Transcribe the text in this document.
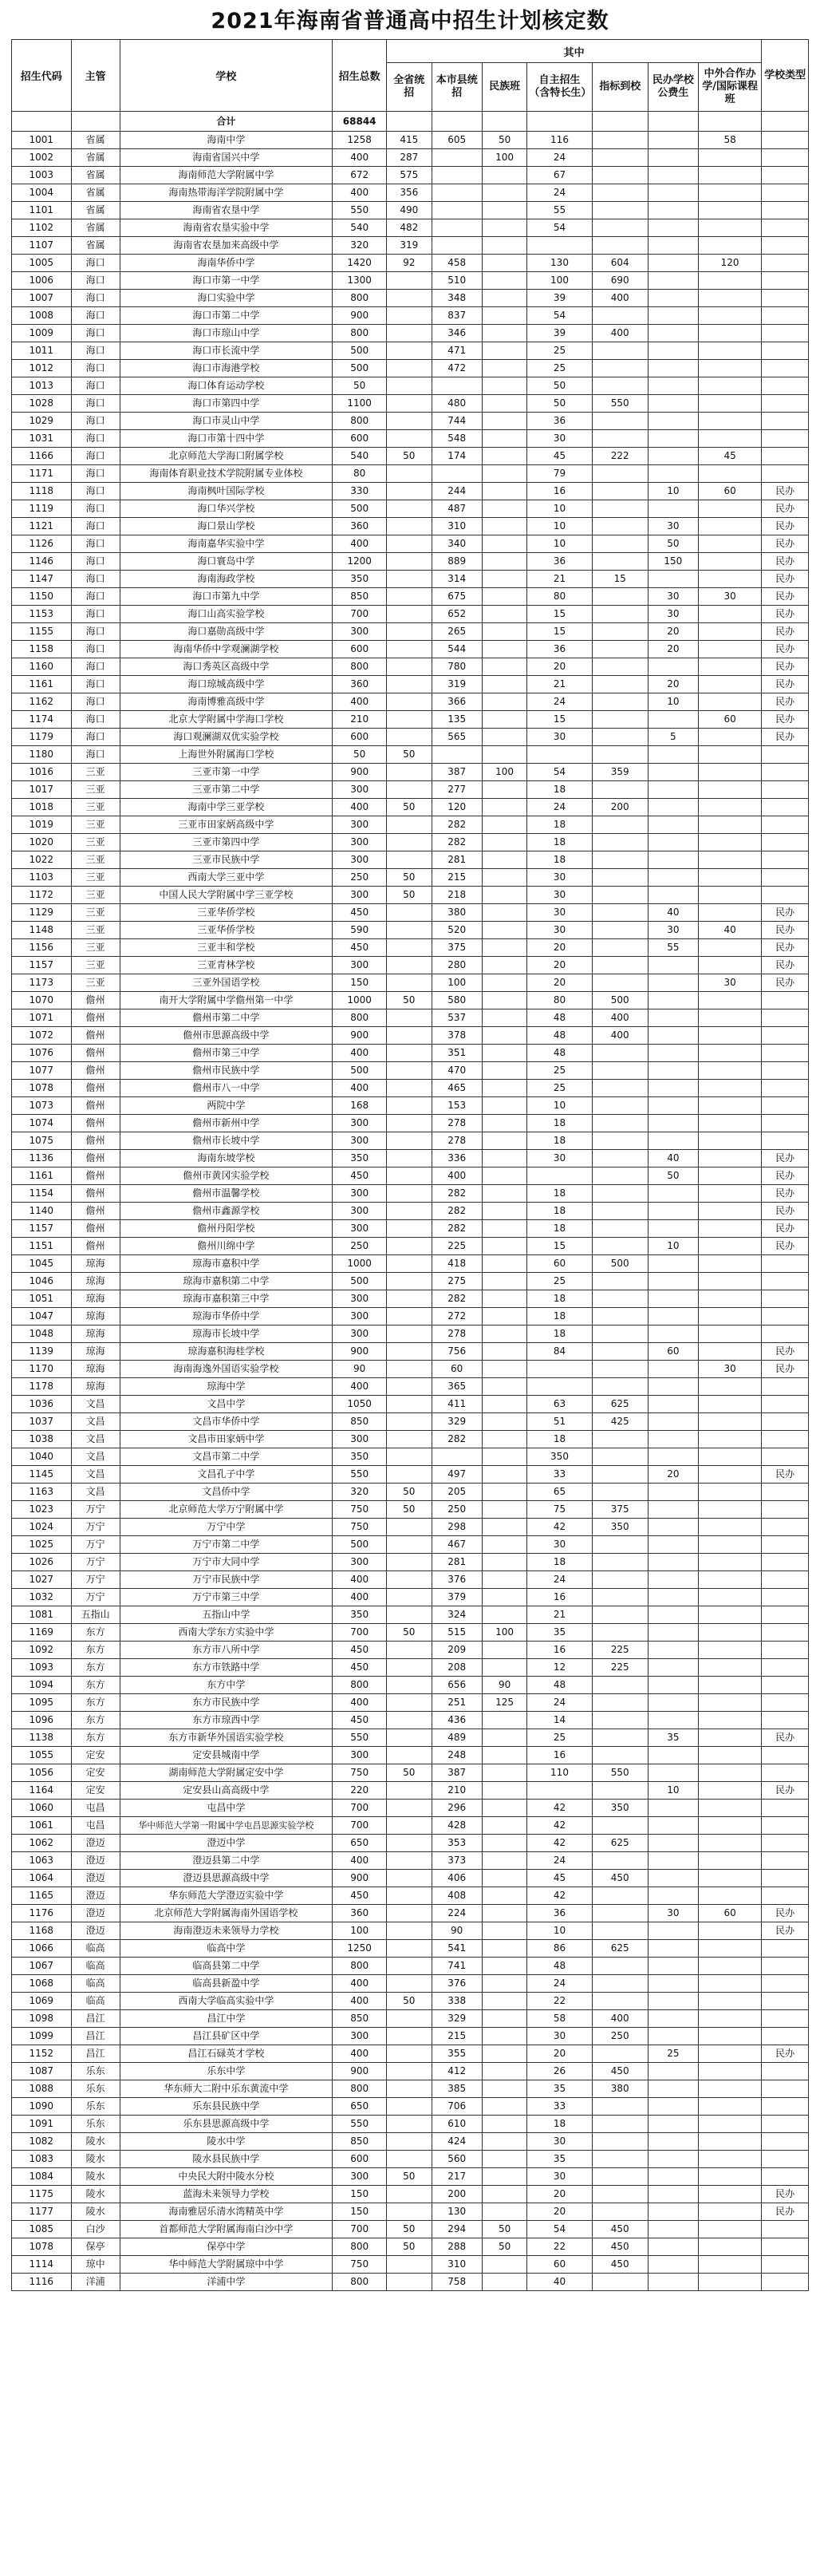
2021年海南省普通高中招生计划核定数
招生代码	主管	学校	招生总数	其中							学校类型
				全省统招	本市县统招	民族班	自主招生（含特长生）	指标到校	民办学校公费生	中外合作办学/国际课程班	
		合计	68844								
1001	省属	海南中学	1258	415	605	50	116			58	
1002	省属	海南省国兴中学	400	287		100	24				
1003	省属	海南师范大学附属中学	672	575			67				
1004	省属	海南热带海洋学院附属中学	400	356			24				
1101	省属	海南省农垦中学	550	490			55				
1102	省属	海南省农垦实验中学	540	482			54				
1107	省属	海南省农垦加来高级中学	320	319							
1005	海口	海南华侨中学	1420	92	458		130	604		120	
1006	海口	海口市第一中学	1300		510		100	690			
1007	海口	海口实验中学	800		348		39	400			
1008	海口	海口市第二中学	900		837		54				
1009	海口	海口市琼山中学	800		346		39	400			
1011	海口	海口市长流中学	500		471		25				
1012	海口	海口市海港学校	500		472		25				
1013	海口	海口体育运动学校	50				50				
1028	海口	海口市第四中学	1100		480		50	550			
1029	海口	海口市灵山中学	800		744		36				
1031	海口	海口市第十四中学	600		548		30				
1166	海口	北京师范大学海口附属学校	540	50	174		45	222		45	
1171	海口	海南体育职业技术学院附属专业体校	80				79				
1118	海口	海南枫叶国际学校	330		244		16		10	60	民办
1119	海口	海口华兴学校	500		487		10				民办
1121	海口	海口景山学校	360		310		10		30		民办
1126	海口	海南嘉华实验中学	400		340		10		50		民办
1146	海口	海口寰岛中学	1200		889		36		150		民办
1147	海口	海南海政学校	350		314		21	15			民办
1150	海口	海口市第九中学	850		675		80		30	30	民办
1153	海口	海口山高实验学校	700		652		15		30		民办
1155	海口	海口嘉勋高级中学	300		265		15		20		民办
1158	海口	海南华侨中学观澜湖学校	600		544		36		20		民办
1160	海口	海口秀英区高级中学	800		780		20				民办
1161	海口	海口琼城高级中学	360		319		21		20		民办
1162	海口	海南博雅高级中学	400		366		24		10		民办
1174	海口	北京大学附属中学海口学校	210		135		15			60	民办
1179	海口	海口观澜湖双优实验学校	600		565		30		5		民办
1180	海口	上海世外附属海口学校	50	50							
1016	三亚	三亚市第一中学	900		387	100	54	359			
1017	三亚	三亚市第二中学	300		277		18				
1018	三亚	海南中学三亚学校	400	50	120		24	200			
1019	三亚	三亚市田家炳高级中学	300		282		18				
1020	三亚	三亚市第四中学	300		282		18				
1022	三亚	三亚市民族中学	300		281		18				
1103	三亚	西南大学三亚中学	250	50	215		30				
1172	三亚	中国人民大学附属中学三亚学校	300	50	218		30				
1129	三亚	三亚华侨学校	450		380		30		40		民办
1148	三亚	三亚华侨学校	590		520		30		30	40	民办
1156	三亚	三亚丰和学校	450		375		20		55		民办
1157	三亚	三亚青林学校	300		280		20				民办
1173	三亚	三亚外国语学校	150		100		20			30	民办
1070	儋州	南开大学附属中学儋州第一中学	1000	50	580		80	500			
1071	儋州	儋州市第二中学	800		537		48	400			
1072	儋州	儋州市思源高级中学	900		378		48	400			
1076	儋州	儋州市第三中学	400		351		48				
1077	儋州	儋州市民族中学	500		470		25				
1078	儋州	儋州市八一中学	400		465		25				
1073	儋州	两院中学	168		153		10				
1074	儋州	儋州市新州中学	300		278		18				
1075	儋州	儋州市长坡中学	300		278		18				
1136	儋州	海南东坡学校	350		336		30		40		民办
1161	儋州	儋州市黄冈实验学校	450		400				50		民办
1154	儋州	儋州市温馨学校	300		282		18				民办
1140	儋州	儋州市鑫源学校	300		282		18				民办
1157	儋州	儋州丹阳学校	300		282		18				民办
1151	儋州	儋州川绵中学	250		225		15		10		民办
1045	琼海	琼海市嘉积中学	1000		418		60	500			
1046	琼海	琼海市嘉积第二中学	500		275		25				
1051	琼海	琼海市嘉积第三中学	300		282		18				
1047	琼海	琼海市华侨中学	300		272		18				
1048	琼海	琼海市长坡中学	300		278		18				
1139	琼海	琼海嘉积海桂学校	900		756		84		60		民办
1170	琼海	海南海逸外国语实验学校	90		60					30	民办
1178	琼海	琼海中学	400		365						
1036	文昌	文昌中学	1050		411		63	625			
1037	文昌	文昌市华侨中学	850		329		51	425			
1038	文昌	文昌市田家炳中学	300		282		18				
1040	文昌	文昌市第二中学	350				350				
1145	文昌	文昌孔子中学	550		497		33		20		民办
1163	文昌	文昌侨中学	320	50	205		65				
1023	万宁	北京师范大学万宁附属中学	750	50	250		75	375			
1024	万宁	万宁中学	750		298		42	350			
1025	万宁	万宁市第二中学	500		467		30				
1026	万宁	万宁市大同中学	300		281		18				
1027	万宁	万宁市民族中学	400		376		24				
1032	万宁	万宁市第三中学	400		379		16				
1081	五指山	五指山中学	350		324		21				
1169	东方	西南大学东方实验中学	700	50	515	100	35				
1092	东方	东方市八所中学	450		209		16	225			
1093	东方	东方市铁路中学	450		208		12	225			
1094	东方	东方中学	800		656	90	48				
1095	东方	东方市民族中学	400		251	125	24				
1096	东方	东方市琼西中学	450		436		14				
1138	东方	东方市新华外国语实验学校	550		489		25		35		民办
1055	定安	定安县城南中学	300		248		16				
1056	定安	湖南师范大学附属定安中学	750	50	387		110	550			
1164	定安	定安县山高高级中学	220		210				10		民办
1060	屯昌	屯昌中学	700		296		42	350			
1061	屯昌	华中师范大学第一附属中学屯昌思源实验学校	700		428		42				
1062	澄迈	澄迈中学	650		353		42	625			
1063	澄迈	澄迈县第二中学	400		373		24				
1064	澄迈	澄迈县思源高级中学	900		406		45	450			
1165	澄迈	华东师范大学澄迈实验中学	450		408		42				
1176	澄迈	北京师范大学附属海南外国语学校	360		224		36		30	60	民办
1168	澄迈	海南澄迈未来领导力学校	100		90		10				民办
1066	临高	临高中学	1250		541		86	625			
1067	临高	临高县第二中学	800		741		48				
1068	临高	临高县新盈中学	400		376		24				
1069	临高	西南大学临高实验中学	400	50	338		22				
1098	昌江	昌江中学	850		329		58	400			
1099	昌江	昌江县矿区中学	300		215		30	250			
1152	昌江	昌江石碌英才学校	400		355		20		25		民办
1087	乐东	乐东中学	900		412		26	450			
1088	乐东	华东师大二附中乐东黄流中学	800		385		35	380			
1090	乐东	乐东县民族中学	650		706		33				
1091	乐东	乐东县思源高级中学	550		610		18				
1082	陵水	陵水中学	850		424		30				
1083	陵水	陵水县民族中学	600		560		35				
1084	陵水	中央民大附中陵水分校	300	50	217		30				
1175	陵水	蓝海未来领导力学校	150		200		20				民办
1177	陵水	海南雅居乐清水湾精英中学	150		130		20				民办
1085	白沙	首都师范大学附属海南白沙中学	700	50	294	50	54	450			
1078	保亭	保亭中学	800	50	288	50	22	450			
1114	琼中	华中师范大学附属琼中中学	750		310		60	450			
1116	洋浦	洋浦中学	800		758		40				
